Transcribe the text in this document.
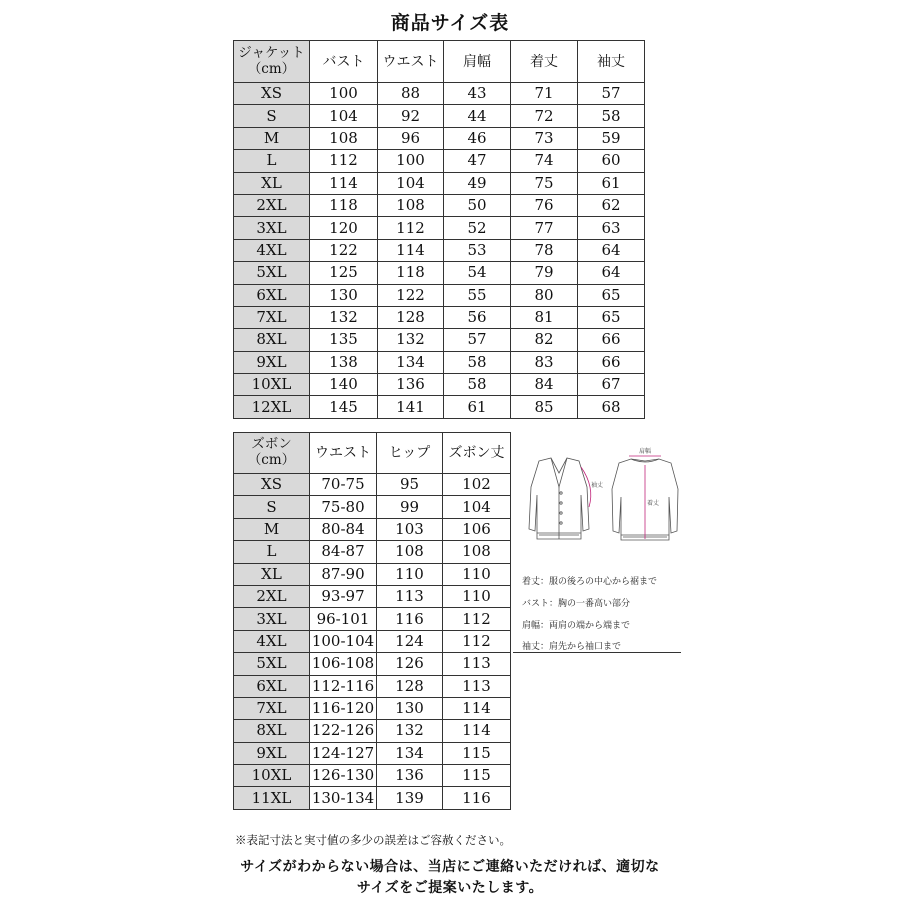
商品サイズ表
ジャケット
（cm）	バスト	ウエスト	肩幅	着丈	袖丈
XS	100	88	43	71	57
S	104	92	44	72	58
M	108	96	46	73	59
L	112	100	47	74	60
XL	114	104	49	75	61
2XL	118	108	50	76	62
3XL	120	112	52	77	63
4XL	122	114	53	78	64
5XL	125	118	54	79	64
6XL	130	122	55	80	65
7XL	132	128	56	81	65
8XL	135	132	57	82	66
9XL	138	134	58	83	66
10XL	140	136	58	84	67
12XL	145	141	61	85	68
ズボン
（cm）	ウエスト	ヒップ	ズボン丈
XS	70-75	95	102
S	75-80	99	104
M	80-84	103	106
L	84-87	108	108
XL	87-90	110	110
2XL	93-97	113	110
3XL	96-101	116	112
4XL	100-104	124	112
5XL	106-108	126	113
6XL	112-116	128	113
7XL	116-120	130	114
8XL	122-126	132	114
9XL	124-127	134	115
10XL	126-130	136	115
11XL	130-134	139	116
肩幅
袖丈
着丈
着丈：服の後ろの中心から裾まで
バスト：胸の一番高い部分
肩幅：両肩の端から端まで
袖丈：肩先から袖口まで
※表記寸法と実寸値の多少の誤差はご容赦ください。
サイズがわからない場合は、当店にご連絡いただければ、適切な
サイズをご提案いたします。
